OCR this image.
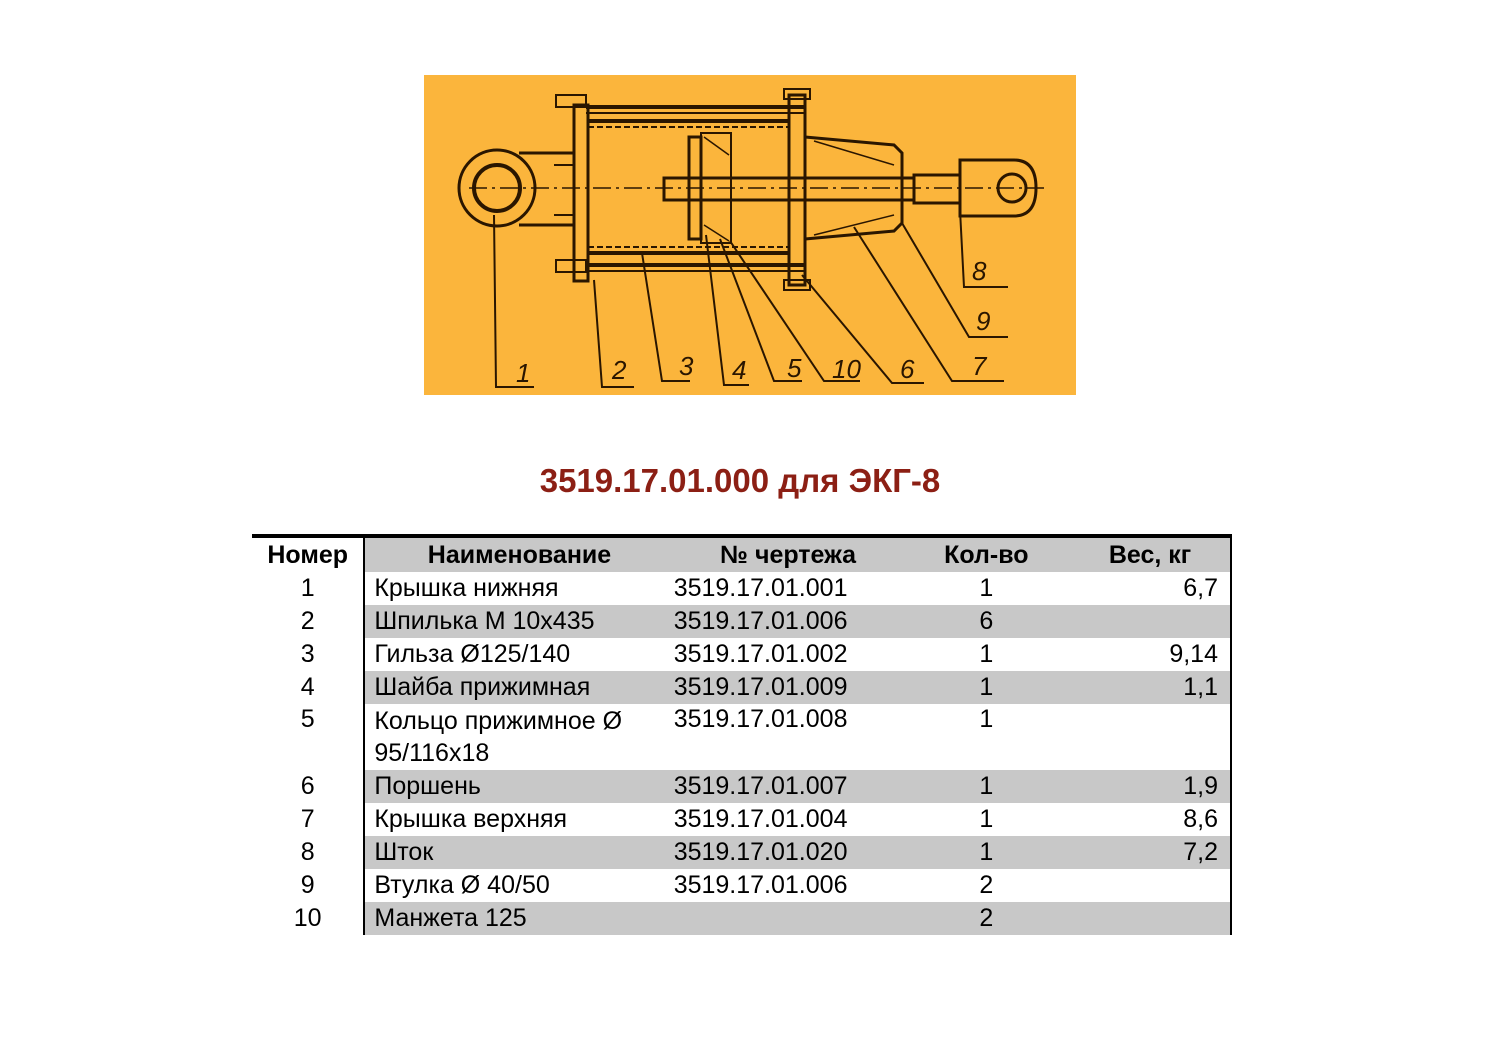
1	2 3 4 5 10 6 7
9
8
3519.17.01.000 для ЭКГ-8
Номер	Наименование	№ чертежа	Кол-во	Вес, кг
1	Крышка нижняя	3519.17.01.001	1	6,7
2	Шпилька М 10х435	3519.17.01.006	6	
3	Гильза Ø125/140	3519.17.01.002	1	9,14
4	Шайба прижимная	3519.17.01.009	1	1,1
5	Кольцо прижимное Ø 95/116х18	3519.17.01.008	1	
6	Поршень	3519.17.01.007	1	1,9
7	Крышка верхняя	3519.17.01.004	1	8,6
8	Шток	3519.17.01.020	1	7,2
9	Втулка Ø 40/50	3519.17.01.006	2	
10	Манжета 125		2	
